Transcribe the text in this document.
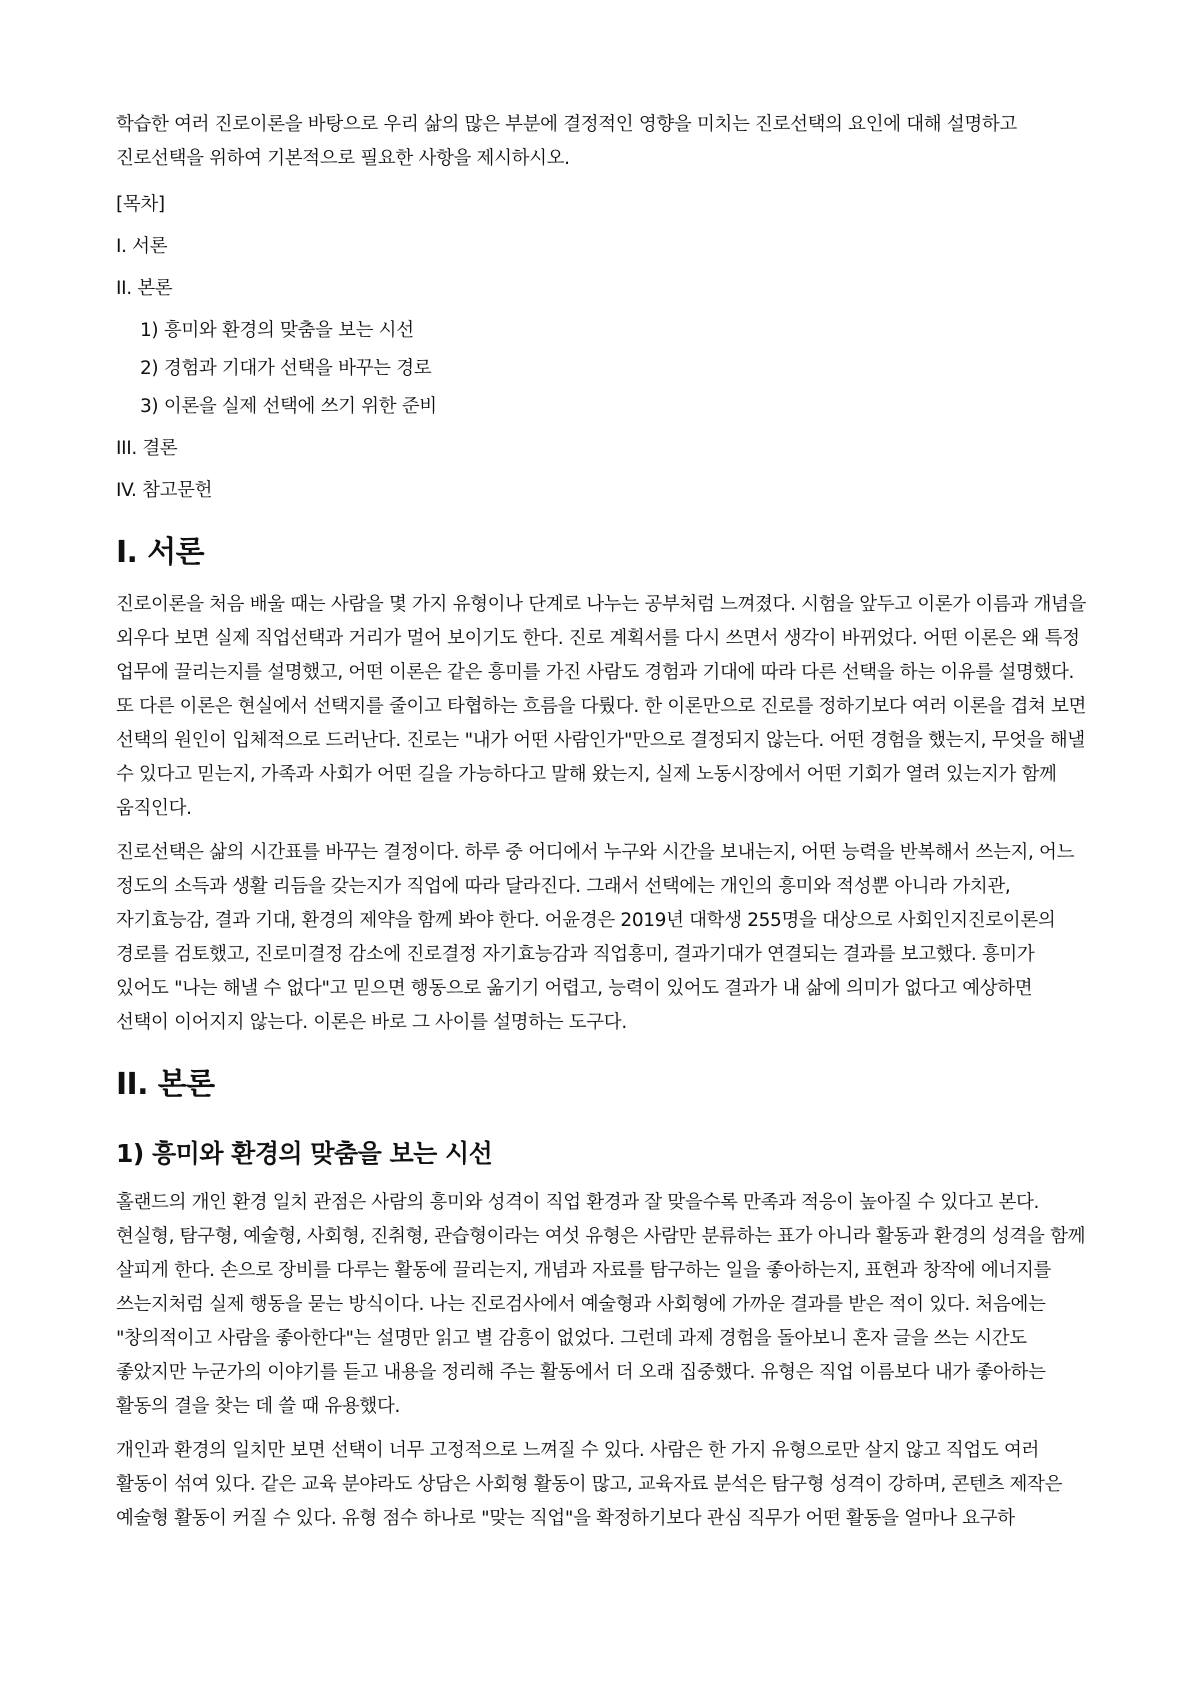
학습한 여러 진로이론을 바탕으로 우리 삶의 많은 부분에 결정적인 영향을 미치는 진로선택의 요인에 대해 설명하고 진로선택을 위하여 기본적으로 필요한 사항을 제시하시오.

[목차]

I. 서론

II. 본론

1) 흥미와 환경의 맞춤을 보는 시선

2) 경험과 기대가 선택을 바꾸는 경로

3) 이론을 실제 선택에 쓰기 위한 준비

III. 결론

IV. 참고문헌

I. 서론

진로이론을 처음 배울 때는 사람을 몇 가지 유형이나 단계로 나누는 공부처럼 느껴졌다. 시험을 앞두고 이론가 이름과 개념을 외우다 보면 실제 직업선택과 거리가 멀어 보이기도 한다. 진로 계획서를 다시 쓰면서 생각이 바뀌었다. 어떤 이론은 왜 특정 업무에 끌리는지를 설명했고, 어떤 이론은 같은 흥미를 가진 사람도 경험과 기대에 따라 다른 선택을 하는 이유를 설명했다. 또 다른 이론은 현실에서 선택지를 줄이고 타협하는 흐름을 다뤘다. 한 이론만으로 진로를 정하기보다 여러 이론을 겹쳐 보면 선택의 원인이 입체적으로 드러난다. 진로는 "내가 어떤 사람인가"만으로 결정되지 않는다. 어떤 경험을 했는지, 무엇을 해낼 수 있다고 믿는지, 가족과 사회가 어떤 길을 가능하다고 말해 왔는지, 실제 노동시장에서 어떤 기회가 열려 있는지가 함께 움직인다.

진로선택은 삶의 시간표를 바꾸는 결정이다. 하루 중 어디에서 누구와 시간을 보내는지, 어떤 능력을 반복해서 쓰는지, 어느 정도의 소득과 생활 리듬을 갖는지가 직업에 따라 달라진다. 그래서 선택에는 개인의 흥미와 적성뿐 아니라 가치관, 자기효능감, 결과 기대, 환경의 제약을 함께 봐야 한다. 어윤경은 2019년 대학생 255명을 대상으로 사회인지진로이론의 경로를 검토했고, 진로미결정 감소에 진로결정 자기효능감과 직업흥미, 결과기대가 연결되는 결과를 보고했다. 흥미가 있어도 "나는 해낼 수 없다"고 믿으면 행동으로 옮기기 어렵고, 능력이 있어도 결과가 내 삶에 의미가 없다고 예상하면 선택이 이어지지 않는다. 이론은 바로 그 사이를 설명하는 도구다.

II. 본론
1) 흥미와 환경의 맞춤을 보는 시선

홀랜드의 개인 환경 일치 관점은 사람의 흥미와 성격이 직업 환경과 잘 맞을수록 만족과 적응이 높아질 수 있다고 본다. 현실형, 탐구형, 예술형, 사회형, 진취형, 관습형이라는 여섯 유형은 사람만 분류하는 표가 아니라 활동과 환경의 성격을 함께 살피게 한다. 손으로 장비를 다루는 활동에 끌리는지, 개념과 자료를 탐구하는 일을 좋아하는지, 표현과 창작에 에너지를 쓰는지처럼 실제 행동을 묻는 방식이다. 나는 진로검사에서 예술형과 사회형에 가까운 결과를 받은 적이 있다. 처음에는 "창의적이고 사람을 좋아한다"는 설명만 읽고 별 감흥이 없었다. 그런데 과제 경험을 돌아보니 혼자 글을 쓰는 시간도 좋았지만 누군가의 이야기를 듣고 내용을 정리해 주는 활동에서 더 오래 집중했다. 유형은 직업 이름보다 내가 좋아하는 활동의 결을 찾는 데 쓸 때 유용했다.

개인과 환경의 일치만 보면 선택이 너무 고정적으로 느껴질 수 있다. 사람은 한 가지 유형으로만 살지 않고 직업도 여러 활동이 섞여 있다. 같은 교육 분야라도 상담은 사회형 활동이 많고, 교육자료 분석은 탐구형 성격이 강하며, 콘텐츠 제작은 예술형 활동이 커질 수 있다. 유형 점수 하나로 "맞는 직업"을 확정하기보다 관심 직무가 어떤 활동을 얼마나 요구하
